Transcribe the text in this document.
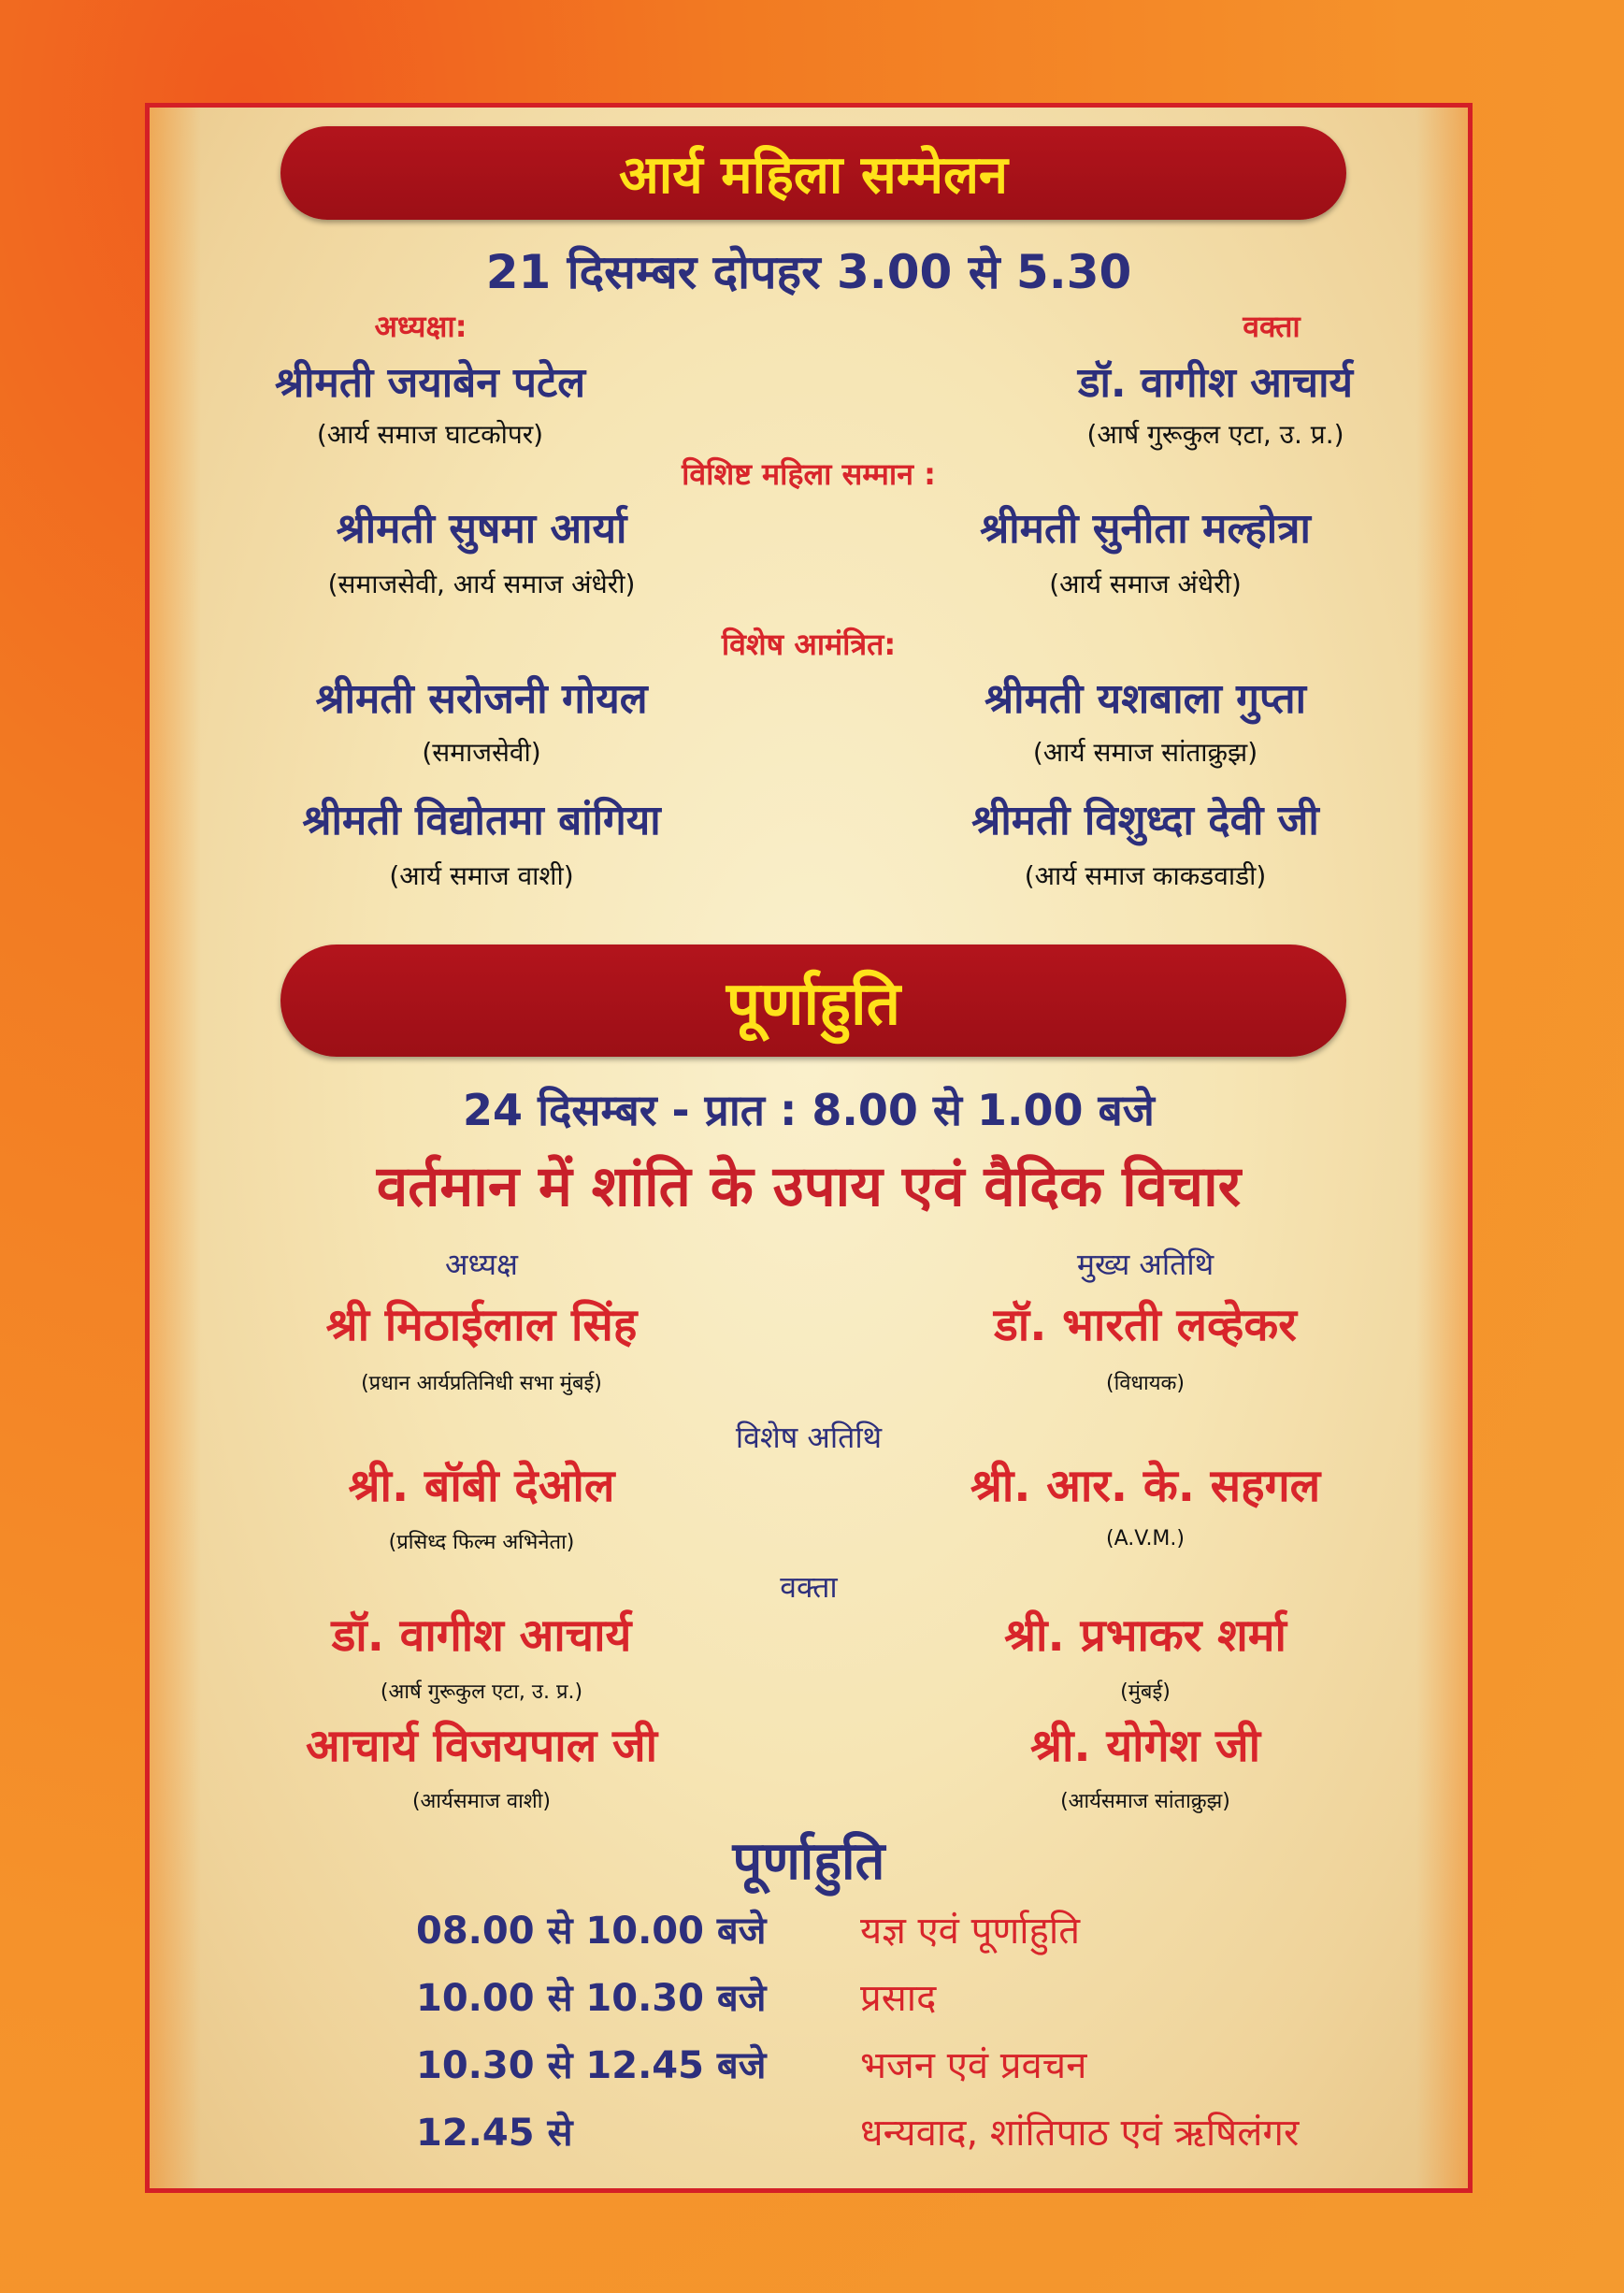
आर्य महिला सम्मेलन
21 दिसम्बर दोपहर 3.00 से 5.30
अध्यक्षा:	वक्ता
श्रीमती जयाबेन पटेल	डॉ. वागीश आचार्य
(आर्य समाज घाटकोपर)	(आर्ष गुरूकुल एटा, उ. प्र.)
विशिष्ट महिला सम्मान :
श्रीमती सुषमा आर्या	श्रीमती सुनीता मल्होत्रा
(समाजसेवी, आर्य समाज अंधेरी)	(आर्य समाज अंधेरी)
विशेष आमंत्रित:
श्रीमती सरोजनी गोयल	श्रीमती यशबाला गुप्ता
(समाजसेवी)	(आर्य समाज सांताक्रुझ)
श्रीमती विद्योतमा बांगिया	श्रीमती विशुध्दा देवी जी
(आर्य समाज वाशी)	(आर्य समाज काकडवाडी)
पूर्णाहुति
24 दिसम्बर - प्रात : 8.00 से 1.00 बजे
वर्तमान में शांति के उपाय एवं वैदिक विचार
अध्यक्ष	मुख्य अतिथि
श्री मिठाईलाल सिंह	डॉ. भारती लव्हेकर
(प्रधान आर्यप्रतिनिधी सभा मुंबई)	(विधायक)
विशेष अतिथि
श्री. बॉबी देओल	श्री. आर. के. सहगल
(प्रसिध्द फिल्म अभिनेता)	(A.V.M.)
वक्ता
डॉ. वागीश आचार्य	श्री. प्रभाकर शर्मा
(आर्ष गुरूकुल एटा, उ. प्र.)	(मुंबई)
आचार्य विजयपाल जी	श्री. योगेश जी
(आर्यसमाज वाशी)	(आर्यसमाज सांताक्रुझ)
पूर्णाहुति
08.00 से 10.00 बजे	यज्ञ एवं पूर्णाहुति
10.00 से 10.30 बजे	प्रसाद
10.30 से 12.45 बजे	भजन एवं प्रवचन
12.45 से	धन्यवाद, शांतिपाठ एवं ऋषिलंगर
